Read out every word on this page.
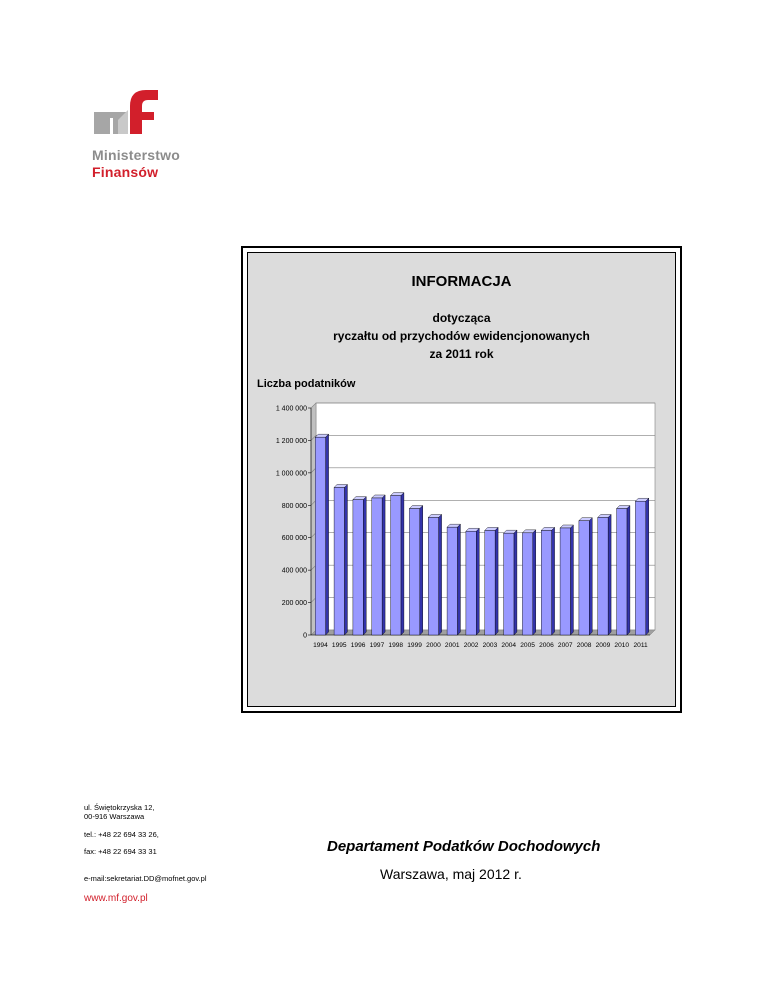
Ministerstwo
Finansów
INFORMACJA
dotycząca
ryczałtu od przychodów ewidencjonowanych
za 2011 rok
Liczba podatników
0
200 000
400 000
600 000
800 000
1 000 000
1 200 000
1 400 000
1994 1995 1996 1997 1998 1999 2000 2001 2002 2003 2004 2005 2006 2007 2008 2009 2010 2011
ul. Świętokrzyska 12,
00-916 Warszawa
tel.: +48 22 694 33 26,
fax: +48 22 694 33 31
e-mail:sekretariat.DD@mofnet.gov.pl
www.mf.gov.pl
Departament Podatków Dochodowych
Warszawa, maj 2012 r.
